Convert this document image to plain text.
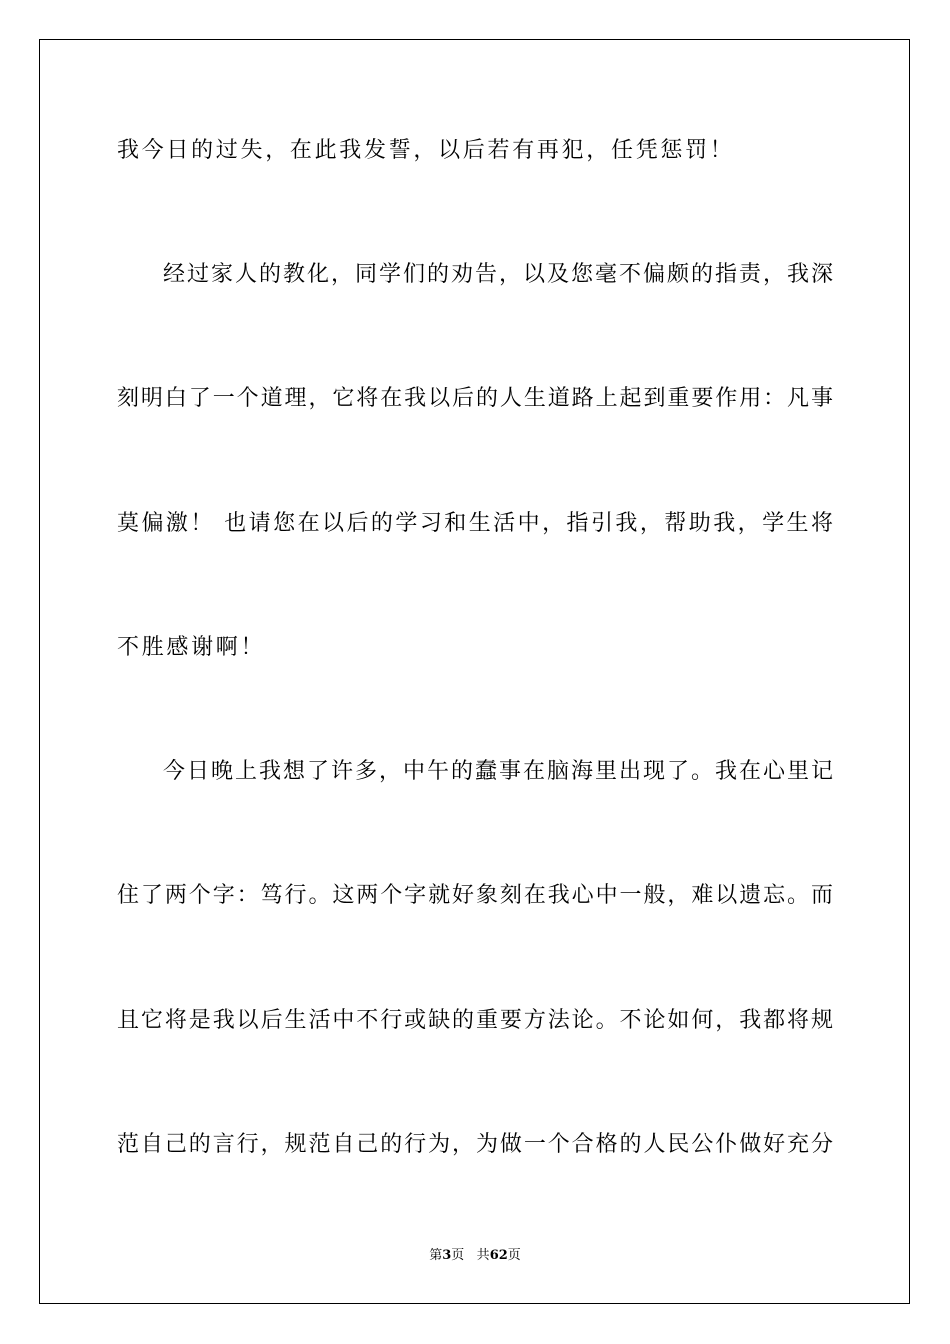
我今日的过失，在此我发誓，以后若有再犯，任凭惩罚！
经过家人的教化，同学们的劝告，以及您毫不偏颇的指责，我深
刻明白了一个道理，它将在我以后的人生道路上起到重要作用：凡事
莫偏激！ 也请您在以后的学习和生活中，指引我，帮助我，学生将
不胜感谢啊！
今日晚上我想了许多，中午的蠢事在脑海里出现了。我在心里记
住了两个字：笃行。这两个字就好象刻在我心中一般，难以遗忘。而
且它将是我以后生活中不行或缺的重要方法论。不论如何，我都将规
范自己的言行，规范自己的行为，为做一个合格的人民公仆做好充分
第3页 共62页
